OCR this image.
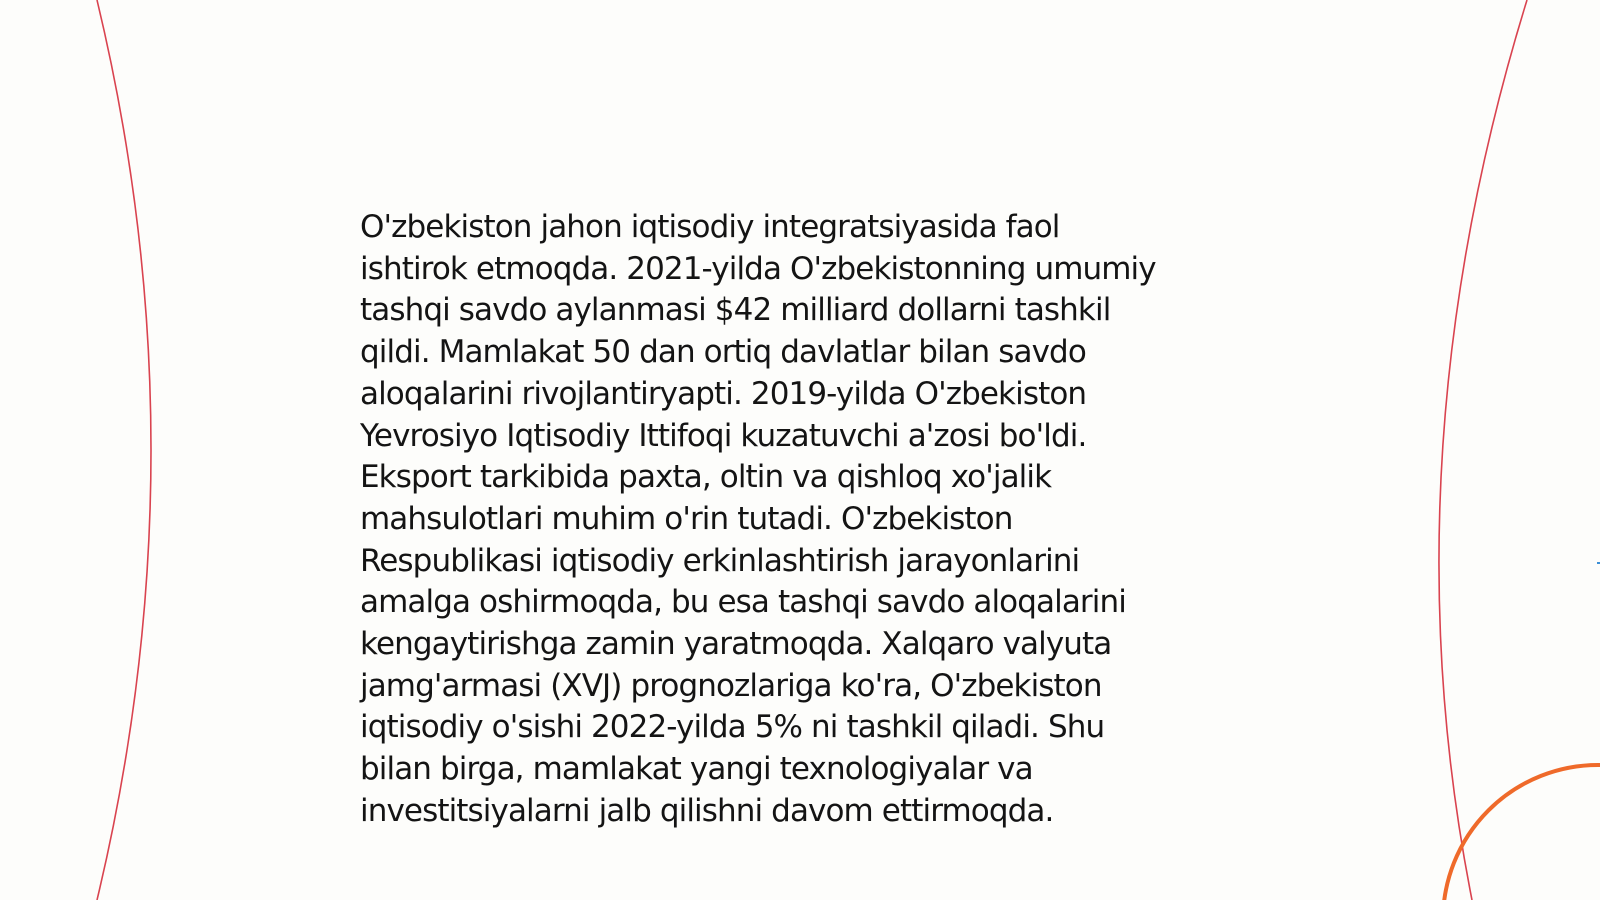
O'zbekiston jahon iqtisodiy integratsiyasida faol
ishtirok etmoqda. 2021-yilda O'zbekistonning umumiy
tashqi savdo aylanmasi $42 milliard dollarni tashkil
qildi. Mamlakat 50 dan ortiq davlatlar bilan savdo
aloqalarini rivojlantiryapti. 2019-yilda O'zbekiston
Yevrosiyo Iqtisodiy Ittifoqi kuzatuvchi a'zosi bo'ldi.
Eksport tarkibida paxta, oltin va qishloq xo'jalik
mahsulotlari muhim o'rin tutadi. O'zbekiston
Respublikasi iqtisodiy erkinlashtirish jarayonlarini
amalga oshirmoqda, bu esa tashqi savdo aloqalarini
kengaytirishga zamin yaratmoqda. Xalqaro valyuta
jamg'armasi (XVJ) prognozlariga ko'ra, O'zbekiston
iqtisodiy o'sishi 2022-yilda 5% ni tashkil qiladi. Shu
bilan birga, mamlakat yangi texnologiyalar va
investitsiyalarni jalb qilishni davom ettirmoqda.
